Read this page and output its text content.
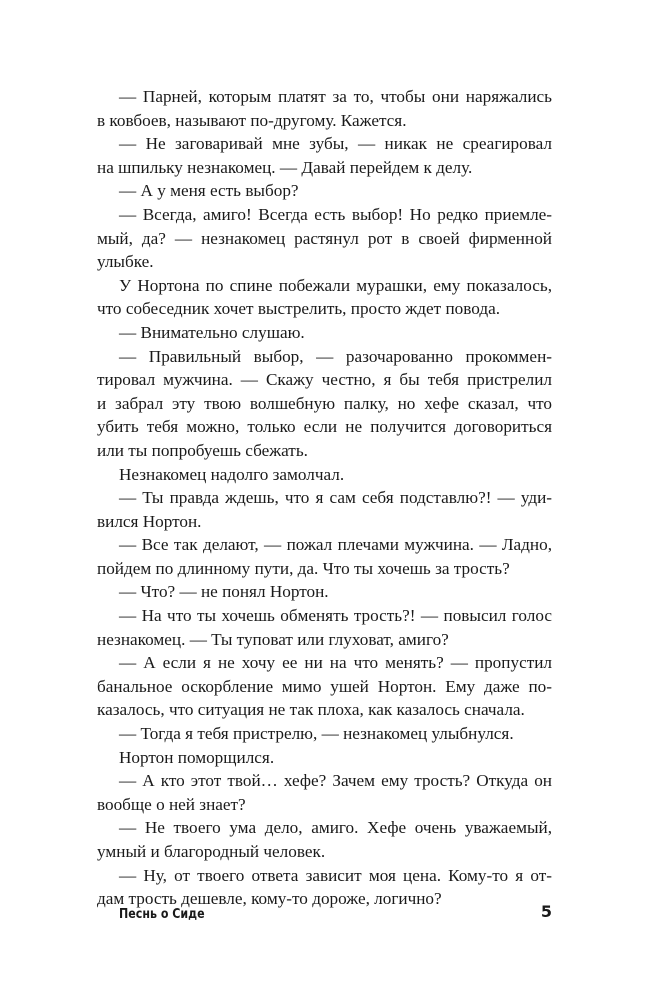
— Парней, которым платят за то, чтобы они наряжались
в ковбоев, называют по-другому. Кажется.
— Не заговаривай мне зубы, — никак не среагировал
на шпильку незнакомец. — Давай перейдем к делу.
— А у меня есть выбор?
— Всегда, амиго! Всегда есть выбор! Но редко приемле-
мый, да? — незнакомец растянул рот в своей фирменной
улыбке.
У Нортона по спине побежали мурашки, ему показалось,
что собеседник хочет выстрелить, просто ждет повода.
— Внимательно слушаю.
— Правильный выбор, — разочарованно прокоммен-
тировал мужчина. — Скажу честно, я бы тебя пристрелил
и забрал эту твою волшебную палку, но хефе сказал, что
убить тебя можно, только если не получится договориться
или ты попробуешь сбежать.
Незнакомец надолго замолчал.
— Ты правда ждешь, что я сам себя подставлю?! — уди-
вился Нортон.
— Все так делают, — пожал плечами мужчина. — Ладно,
пойдем по длинному пути, да. Что ты хочешь за трость?
— Что? — не понял Нортон.
— На что ты хочешь обменять трость?! — повысил голос
незнакомец. — Ты туповат или глуховат, амиго?
— А если я не хочу ее ни на что менять? — пропустил
банальное оскорбление мимо ушей Нортон. Ему даже по-
казалось, что ситуация не так плоха, как казалось сначала.
— Тогда я тебя пристрелю, — незнакомец улыбнулся.
Нортон поморщился.
— А кто этот твой… хефе? Зачем ему трость? Откуда он
вообще о ней знает?
— Не твоего ума дело, амиго. Хефе очень уважаемый,
умный и благородный человек.
— Ну, от твоего ответа зависит моя цена. Кому-то я от-
дам трость дешевле, кому-то дороже, логично?
Песнь о Сиде	5
